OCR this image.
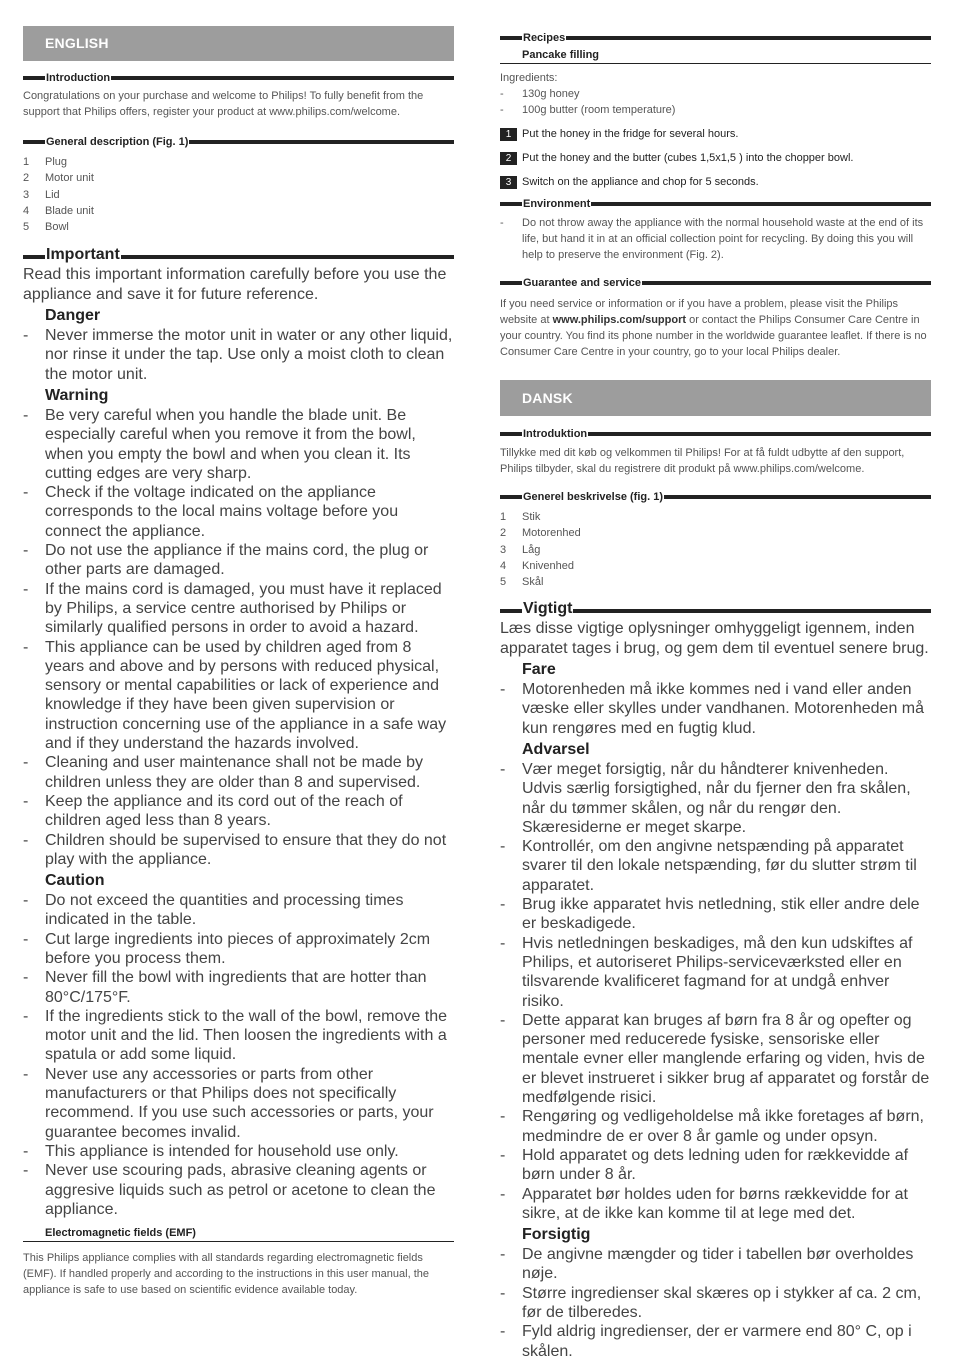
ENGLISH
Introduction
Congratulations on your purchase and welcome to Philips! To fully benefit from the support that Philips offers, register your product at www.philips.com/welcome.
General description (Fig. 1)
1	Plug
2	Motor unit
3	Lid
4	Blade unit
5	Bowl
Important
Read this important information carefully before you use the appliance and save it for future reference.
Danger
-	Never immerse the motor unit in water or any other liquid, nor rinse it under the tap. Use only a moist cloth to clean the motor unit.
Warning
-	Be very careful when you handle the blade unit. Be especially careful when you remove it from the bowl, when you empty the bowl and when you clean it. Its cutting edges are very sharp.
-	Check if the voltage indicated on the appliance corresponds to the local mains voltage before you connect the appliance.
-	Do not use the appliance if the mains cord, the plug or other parts are damaged.
-	If the mains cord is damaged, you must have it replaced by Philips, a service centre authorised by Philips or similarly qualified persons in order to avoid a hazard.
-	This appliance can be used by children aged from 8 years and above and by persons with reduced physical, sensory or mental capabilities or lack of experience and knowledge if they have been given supervision or instruction concerning use of the appliance in a safe way and if they understand the hazards involved.
-	Cleaning and user maintenance shall not be made by children unless they are older than 8 and supervised.
-	Keep the appliance and its cord out of the reach of children aged less than 8 years.
-	Children should be supervised to ensure that they do not play with the appliance.
Caution
-	Do not exceed the quantities and processing times indicated in the table.
-	Cut large ingredients into pieces of approximately 2cm before you process them.
-	Never fill the bowl with ingredients that are hotter than 80°C/175°F.
-	If the ingredients stick to the wall of the bowl, remove the motor unit and the lid. Then loosen the ingredients with a spatula or add some liquid.
-	Never use any accessories or parts from other manufacturers or that Philips does not specifically recommend. If you use such accessories or parts, your guarantee becomes invalid.
-	This appliance is intended for household use only.
-	Never use scouring pads, abrasive cleaning agents or aggresive liquids such as petrol or acetone to clean the appliance.
Electromagnetic fields (EMF)
This Philips appliance complies with all standards regarding electromagnetic fields (EMF). If handled properly and according to the instructions in this user manual, the appliance is safe to use based on scientific evidence available today.
Recipes
Pancake filling
Ingredients:
-	130g honey
-	100g butter (room temperature)
1 Put the honey in the fridge for several hours.
2 Put the honey and the butter (cubes 1,5x1,5 ) into the chopper bowl.
3 Switch on the appliance and chop for 5 seconds.
Environment
-	Do not throw away the appliance with the normal household waste at the end of its life, but hand it in at an official collection point for recycling. By doing this you will help to preserve the environment (Fig. 2).
Guarantee and service
If you need service or information or if you have a problem, please visit the Philips website at www.philips.com/support or contact the Philips Consumer Care Centre in your country. You find its phone number in the worldwide guarantee leaflet. If there is no Consumer Care Centre in your country, go to your local Philips dealer.
DANSK
Introduktion
Tillykke med dit køb og velkommen til Philips! For at få fuldt udbytte af den support, Philips tilbyder, skal du registrere dit produkt på www.philips.com/welcome.
Generel beskrivelse (fig. 1)
1	Stik
2	Motorenhed
3	Låg
4	Knivenhed
5	Skål
Vigtigt
Læs disse vigtige oplysninger omhyggeligt igennem, inden apparatet tages i brug, og gem dem til eventuel senere brug.
Fare
-	Motorenheden må ikke kommes ned i vand eller anden væske eller skylles under vandhanen. Motorenheden må kun rengøres med en fugtig klud.
Advarsel
-	Vær meget forsigtig, når du håndterer knivenheden. Udvis særlig forsigtighed, når du fjerner den fra skålen, når du tømmer skålen, og når du rengør den. Skæresiderne er meget skarpe.
-	Kontrollér, om den angivne netspænding på apparatet svarer til den lokale netspænding, før du slutter strøm til apparatet.
-	Brug ikke apparatet hvis netledning, stik eller andre dele er beskadigede.
-	Hvis netledningen beskadiges, må den kun udskiftes af Philips, et autoriseret Philips-serviceværksted eller en tilsvarende kvalificeret fagmand for at undgå enhver risiko.
-	Dette apparat kan bruges af børn fra 8 år og opefter og personer med reducerede fysiske, sensoriske eller mentale evner eller manglende erfaring og viden, hvis de er blevet instrueret i sikker brug af apparatet og forstår de medfølgende risici.
-	Rengøring og vedligeholdelse må ikke foretages af børn, medmindre de er over 8 år gamle og under opsyn.
-	Hold apparatet og dets ledning uden for rækkevidde af børn under 8 år.
-	Apparatet bør holdes uden for børns rækkevidde for at sikre, at de ikke kan komme til at lege med det.
Forsigtig
-	De angivne mængder og tider i tabellen bør overholdes nøje.
-	Større ingredienser skal skæres op i stykker af ca. 2 cm, før de tilberedes.
-	Fyld aldrig ingredienser, der er varmere end 80° C, op i skålen.
